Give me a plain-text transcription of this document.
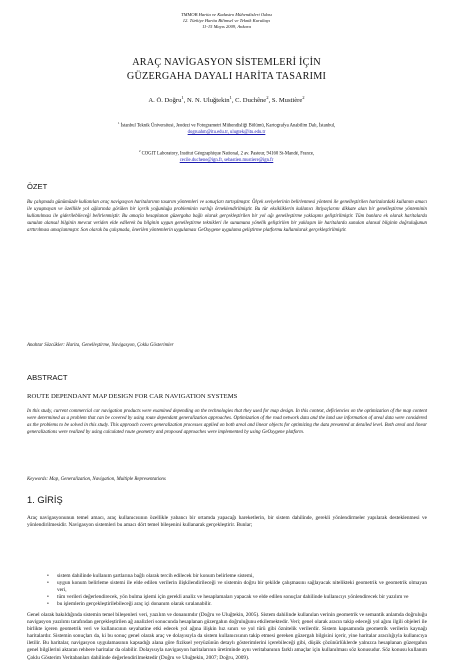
TMMOB Harita ve Kadastro Mühendisleri Odası
12. Türkiye Harita Bilimsel ve Teknik Kurultayı
11-15 Mayıs 2009, Ankara
ARAÇ NAVİGASYON SİSTEMLERİ İÇİN
GÜZERGAHA DAYALI HARİTA TASARIMI
A. Ö. Doğru$^1$, N. N. Uluğtekin$^1$, C. Duchêne$^2$, S. Mustière$^2$
$^1$ İstanbul Teknik Üniversitesi, Jeodezi ve Fotogrametri Mühendisliği Bölümü, Kartografya Anabilim Dalı, İstanbul,
dogruahm@itu.edu.tr, ulugtek@itu.edu.tr
$^2$ COGIT Laboratory, Institut Géographique National, 2 av. Pasteur, 94160 St-Mandé, France,
cecile.duchene@ign.fr, sebastien.mustiere@ign.fr
ÖZET
Bu çalışmada günümüzde kullanılan araç navigasyon haritalarının tasarım yöntemleri ve sonuçları tartışılmıştır. Ölçek seviyelerinin belirlenmesi yöntemi ile genelleştirilen haritalardaki kullanım amacı ile uyuşmayan ve özellikle yol ağlarında görülen bir içerik yoğunluğu probleminin varlığı örneklendirilmiştir. Bu tür eksikliklerin kullanıcı ihtiyaçlarını dikkate alan bir genelleştirme yönteminin kullanılması ile giderilebileceği belirlenmiştir. Bu amaçla hesaplanan güzergaha bağlı olarak gerçekleştirilen bir yol ağı genelleştirme yaklaşımı geliştirilmiştir. Tüm bunlara ek olarak haritalarda sunulan alansal bilginin mevcut veriden elde edilerek bu bilginin uygun genelleştirme teknikleri ile sunumuna yönelik geliştirilen bir yaklaşım ile haritalarda sunulan alansal bilginin doğruluğunun arttırılması amaçlanmıştır. Son olarak bu çalışmada, önerilen yöntemlerin uygulaması GeOxygene uygulama geliştirme platformu kullanılarak gerçekleştirilmiştir.
Anahtar Sözcükler: Harita, Genelleştirme, Navigasyon, Çoklu Gösterimler
ABSTRACT
ROUTE DEPENDANT MAP DESIGN FOR CAR NAVIGATION SYSTEMS
In this study, current commercial car navigation products were examined depending on the technologies that they used for map design. In this context, deficiencies on the optimization of the map content were determined as a problem that can be covered by using route dependant generalization approaches. Optimization of the road network data and the land use information of areal data were considered as the problems to be solved in this study. This approach covers generalization processes applied on both areal and linear objects for optimizing the data presented at detailed level. Both areal and linear generalizations were realized by using calculated route geometry and proposed approaches were implemented by using GeOxygene platform.
Keywords: Map, Generalization, Navigation, Multiple Representations
1. GİRİŞ
Araç navigasyonunun temel amacı, araç kullanıcısının özellikle yabancı bir ortamda yapacağı hareketlerin, bir sistem dahilinde, gerekli yönlendirmeler yapılarak desteklenmesi ve yönlendirilmesidir. Navigasyon sistemleri bu amacı dört temel bileşenini kullanarak gerçekleştirir. Bunlar;
• sistem dahilinde kullanım şartlarına bağlı olarak tercih edilecek bir konum belirleme sistemi,
• uygun konum belirleme sistemi ile elde edilen verilerin ilişkilendirileceği ve sistemin doğru bir şekilde çalışmasını sağlayacak nitelikteki geometrik ve geometrik olmayan veri,
• tüm verileri değerlendirecek, yön bulma işlemi için gerekli analiz ve hesaplamaları yapacak ve elde edilen sonuçlar dahilinde kullanıcıyı yönlendirecek bir yazılım ve
• bu işlemlerin gerçekleştirilebileceği araç içi donanım olarak sıralanabilir.
Genel olarak bakıldığında sistemin temel bileşenleri veri, yazılım ve donanımdır (Doğru ve Uluğtekin, 2005). Sistem dahilinde kullanılan verinin geometrik ve semantik anlamda doğruluğu navigasyon yazılımı tarafından gerçekleştirilen ağ analizleri sonucunda hesaplanan güzergahın doğruluğunu etkilemektedir. Veri; genel olarak aracın takip edeceği yol ağını ilgili objeleri ile birlikte içeren geometrik veri ve kullanıcının seyahatine etki edecek yol ağına ilişkin hız sınırı ve yol türü gibi öznitelik verilerdir. Sistem kapsamında geometrik verilerin kaynağı haritalardır. Sistemin sonuçları da, ki bu sonuç genel olarak araç ve dolayısıyla da sistem kullanıcısının takip etmesi gereken güzergah bilgisini içerir, yine haritalar aracılığıyla kullanıcıya iletilir. Bu haritalar, navigasyon uygulamasının kapsadığı alana göre fiziksel yeryüzünün detaylı gösterimlerini içerebileceği gibi, düşük çözünürlüklerde yalnızca hesaplanan güzergahın genel bilgilerini aktaran rehbere haritalar da olabilir. Dolayısıyla navigasyon haritalarının üretiminde aynı veritabanının farklı amaçlar için kullanılması söz konusudur. Söz konusu kullanım Çoklu Gösterim Veritabanları dahilinde değerlendirilmektedir (Doğru ve Uluğtekin, 2007; Doğru, 2009).
